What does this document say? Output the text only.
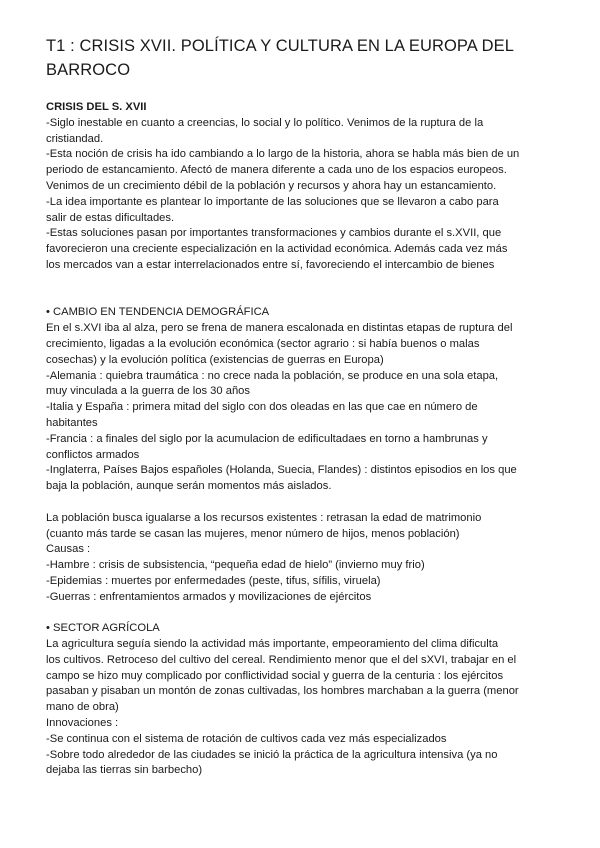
T1 : CRISIS XVII. POLÍTICA Y CULTURA EN LA EUROPA DEL
BARROCO
CRISIS DEL S. XVII
-Siglo inestable en cuanto a creencias, lo social y lo político. Venimos de la ruptura de la
cristiandad.
-Esta noción de crisis ha ido cambiando a lo largo de la historia, ahora se habla más bien de un
periodo de estancamiento. Afectó de manera diferente a cada uno de los espacios europeos.
Venimos de un crecimiento débil de la población y recursos y ahora hay un estancamiento.
-La idea importante es plantear lo importante de las soluciones que se llevaron a cabo para
salir de estas dificultades.
-Estas soluciones pasan por importantes transformaciones y cambios durante el s.XVII, que
favorecieron una creciente especialización en la actividad económica. Además cada vez más
los mercados van a estar interrelacionados entre sí, favoreciendo el intercambio de bienes
• CAMBIO EN TENDENCIA DEMOGRÁFICA
En el s.XVI iba al alza, pero se frena de manera escalonada en distintas etapas de ruptura del
crecimiento, ligadas a la evolución económica (sector agrario : si había buenos o malas
cosechas) y la evolución política (existencias de guerras en Europa)
-Alemania : quiebra traumática : no crece nada la población, se produce en una sola etapa,
muy vinculada a la guerra de los 30 años
-Italia y España : primera mitad del siglo con dos oleadas en las que cae en número de
habitantes
-Francia : a finales del siglo por la acumulacion de edificultadaes en torno a hambrunas y
conflictos armados
-Inglaterra, Países Bajos españoles (Holanda, Suecia, Flandes) : distintos episodios en los que
baja la población, aunque serán momentos más aislados.
La población busca igualarse a los recursos existentes : retrasan la edad de matrimonio
(cuanto más tarde se casan las mujeres, menor número de hijos, menos población)
Causas :
-Hambre : crisis de subsistencia, “pequeña edad de hielo” (invierno muy frio)
-Epidemias : muertes por enfermedades (peste, tifus, sífilis, viruela)
-Guerras : enfrentamientos armados y movilizaciones de ejércitos
• SECTOR AGRÍCOLA
La agricultura seguía siendo la actividad más importante, empeoramiento del clima dificulta
los cultivos. Retroceso del cultivo del cereal. Rendimiento menor que el del sXVI, trabajar en el
campo se hizo muy complicado por conflictividad social y guerra de la centuria : los ejércitos
pasaban y pisaban un montón de zonas cultivadas, los hombres marchaban a la guerra (menor
mano de obra)
Innovaciones :
-Se continua con el sistema de rotación de cultivos cada vez más especializados
-Sobre todo alrededor de las ciudades se inició la práctica de la agricultura intensiva (ya no
dejaba las tierras sin barbecho)
